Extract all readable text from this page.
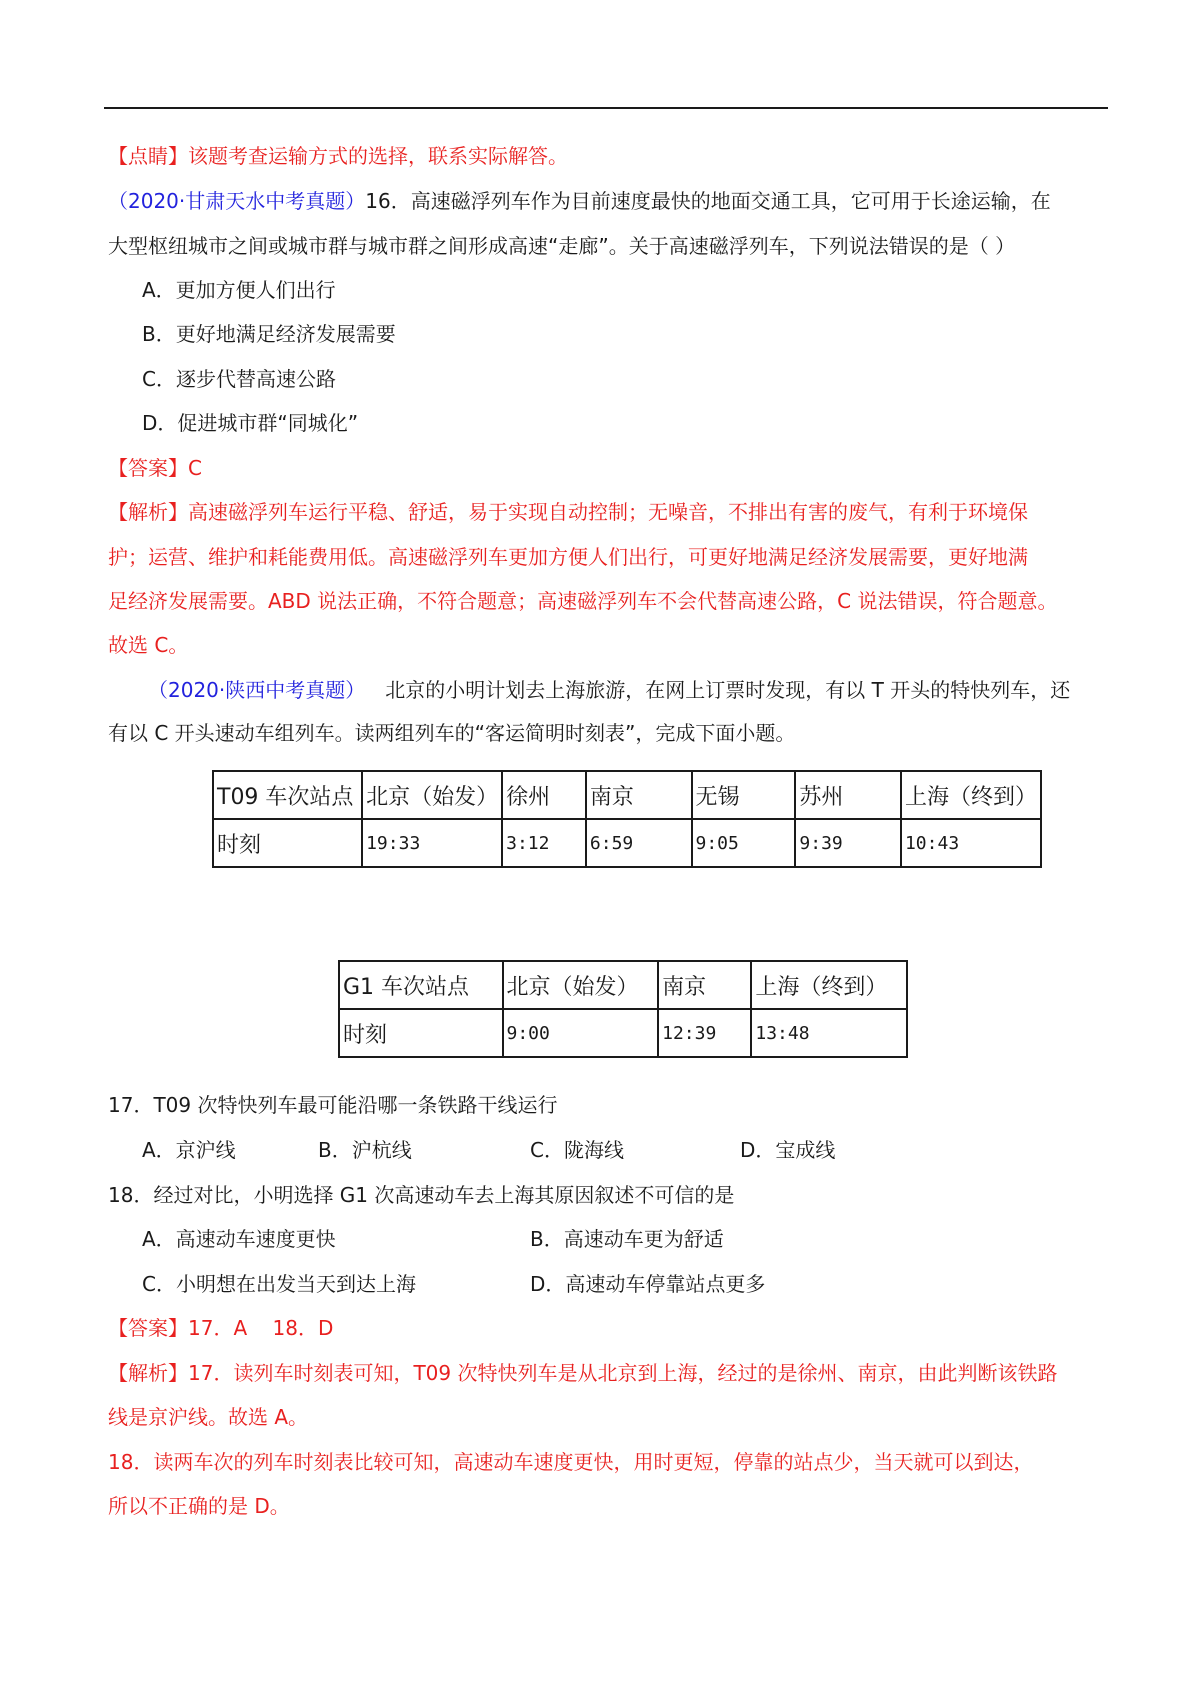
【点睛】该题考查运输方式的选择，联系实际解答。
（2020·甘肃天水中考真题）16．高速磁浮列车作为目前速度最快的地面交通工具，它可用于长途运输，在
大型枢纽城市之间或城市群与城市群之间形成高速“走廊”。关于高速磁浮列车，下列说法错误的是（ ）
A．更加方便人们出行
B．更好地满足经济发展需要
C．逐步代替高速公路
D．促进城市群“同城化”
【答案】C
【解析】高速磁浮列车运行平稳、舒适，易于实现自动控制；无噪音，不排出有害的废气，有利于环境保
护；运营、维护和耗能费用低。高速磁浮列车更加方便人们出行，可更好地满足经济发展需要，更好地满
足经济发展需要。ABD 说法正确，不符合题意；高速磁浮列车不会代替高速公路，C 说法错误，符合题意。
故选 C。
（2020·陕西中考真题） 北京的小明计划去上海旅游，在网上订票时发现，有以 T 开头的特快列车，还
有以 C 开头速动车组列车。读两组列车的“客运简明时刻表”，完成下面小题。
T09 车次站点	北京（始发）	徐州	南京	无锡	苏州	上海（终到）
时刻	19:33	3:12	6:59	9:05	9:39	10:43
G1 车次站点	北京（始发）	南京	上海（终到）
时刻	9:00	12:39	13:48
17．T09 次特快列车最可能沿哪一条铁路干线运行
A．京沪线	B．沪杭线	C．陇海线	D．宝成线
18．经过对比，小明选择 G1 次高速动车去上海其原因叙述不可信的是
A．高速动车速度更快	B．高速动车更为舒适
C．小明想在出发当天到达上海	D．高速动车停靠站点更多
【答案】17．A    18．D
【解析】17．读列车时刻表可知，T09 次特快列车是从北京到上海，经过的是徐州、南京，由此判断该铁路
线是京沪线。故选 A。
18．读两车次的列车时刻表比较可知，高速动车速度更快，用时更短，停靠的站点少，当天就可以到达，
所以不正确的是 D。
